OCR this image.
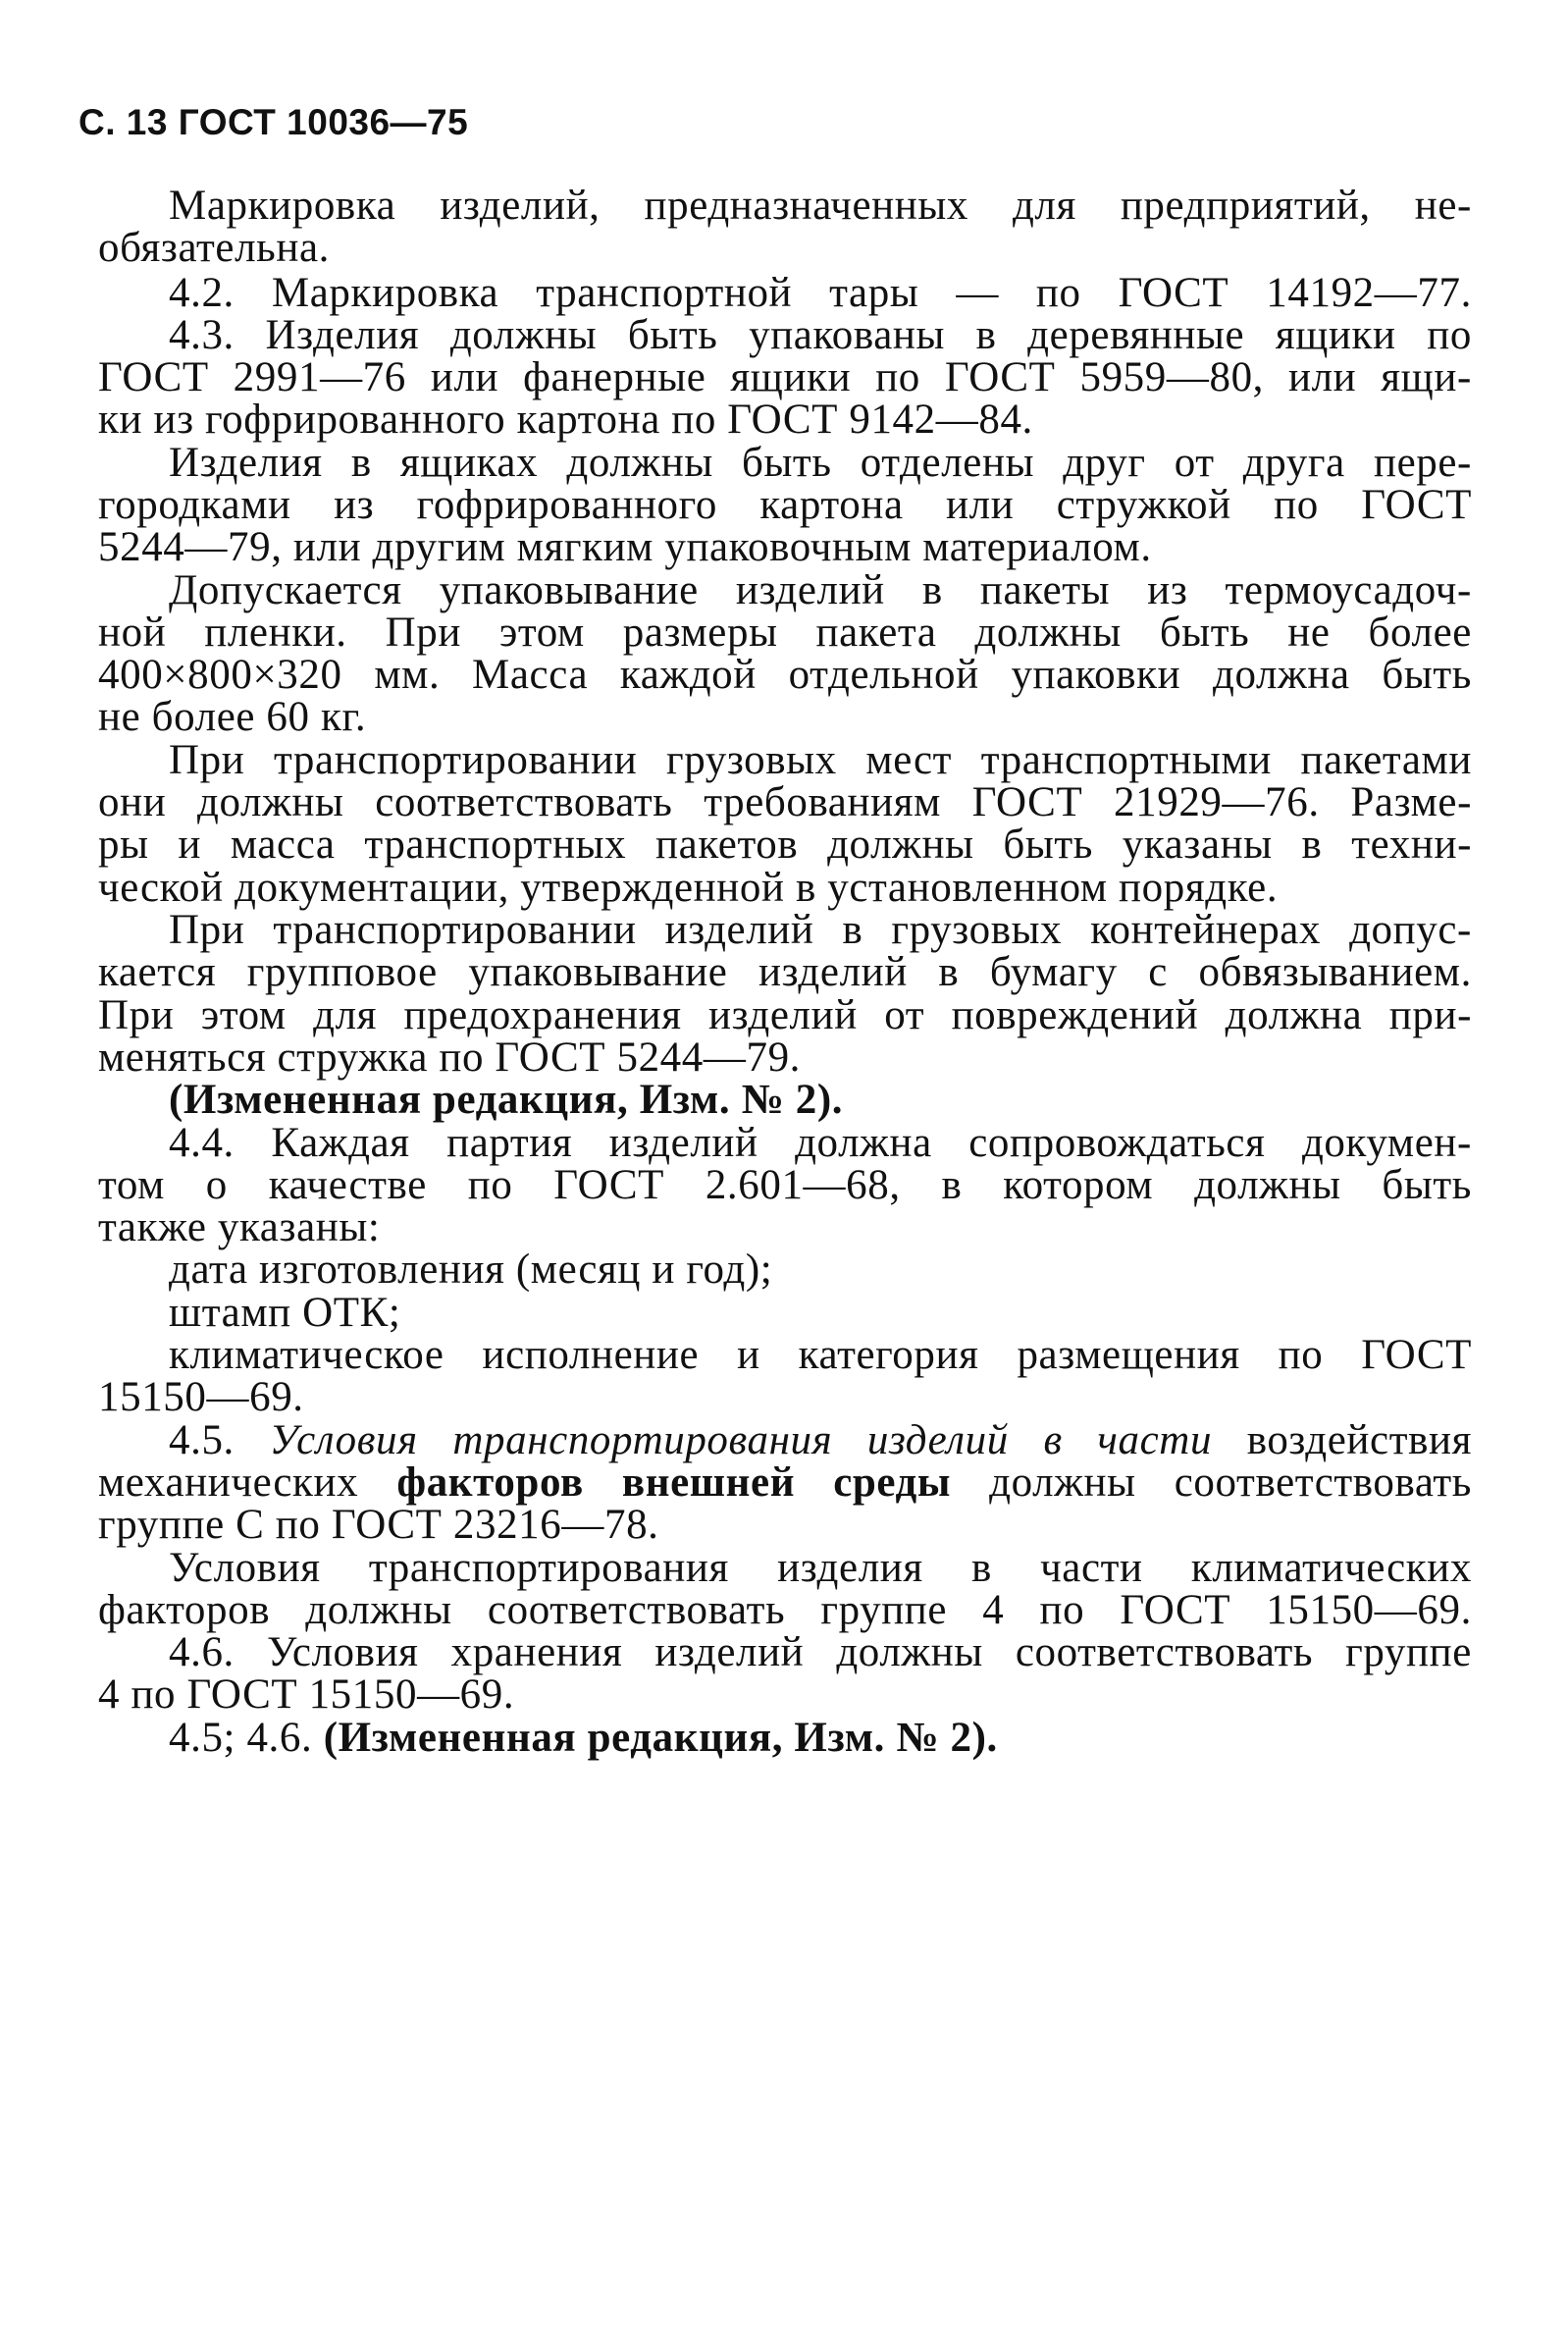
С. 13 ГОСТ 10036—75
Маркировка изделий, предназначенных для предприятий, не-
обязательна.
4.2. Маркировка транспортной тары — по ГОСТ 14192—77.
4.3. Изделия должны быть упакованы в деревянные ящики по
ГОСТ 2991—76 или фанерные ящики по ГОСТ 5959—80, или ящи-
ки из гофрированного картона по ГОСТ 9142—84.
Изделия в ящиках должны быть отделены друг от друга пере-
городками из гофрированного картона или стружкой по ГОСТ
5244—79, или другим мягким упаковочным материалом.
Допускается упаковывание изделий в пакеты из термоусадоч-
ной пленки. При этом размеры пакета должны быть не более
400×800×320 мм. Масса каждой отдельной упаковки должна быть
не более 60 кг.
При транспортировании грузовых мест транспортными пакетами
они должны соответствовать требованиям ГОСТ 21929—76. Разме-
ры и масса транспортных пакетов должны быть указаны в техни-
ческой документации, утвержденной в установленном порядке.
При транспортировании изделий в грузовых контейнерах допус-
кается групповое упаковывание изделий в бумагу с обвязыванием.
При этом для предохранения изделий от повреждений должна при-
меняться стружка по ГОСТ 5244—79.
(Измененная редакция, Изм. № 2).
4.4. Каждая партия изделий должна сопровождаться докумен-
том о качестве по ГОСТ 2.601—68, в котором должны быть
также указаны:
дата изготовления (месяц и год);
штамп ОТК;
климатическое исполнение и категория размещения по ГОСТ
15150—69.
4.5. Условия транспортирования изделий в части воздействия
механических факторов внешней среды должны соответствовать
группе С по ГОСТ 23216—78.
Условия транспортирования изделия в части климатических
факторов должны соответствовать группе 4 по ГОСТ 15150—69.
4.6. Условия хранения изделий должны соответствовать группе
4 по ГОСТ 15150—69.
4.5; 4.6. (Измененная редакция, Изм. № 2).
